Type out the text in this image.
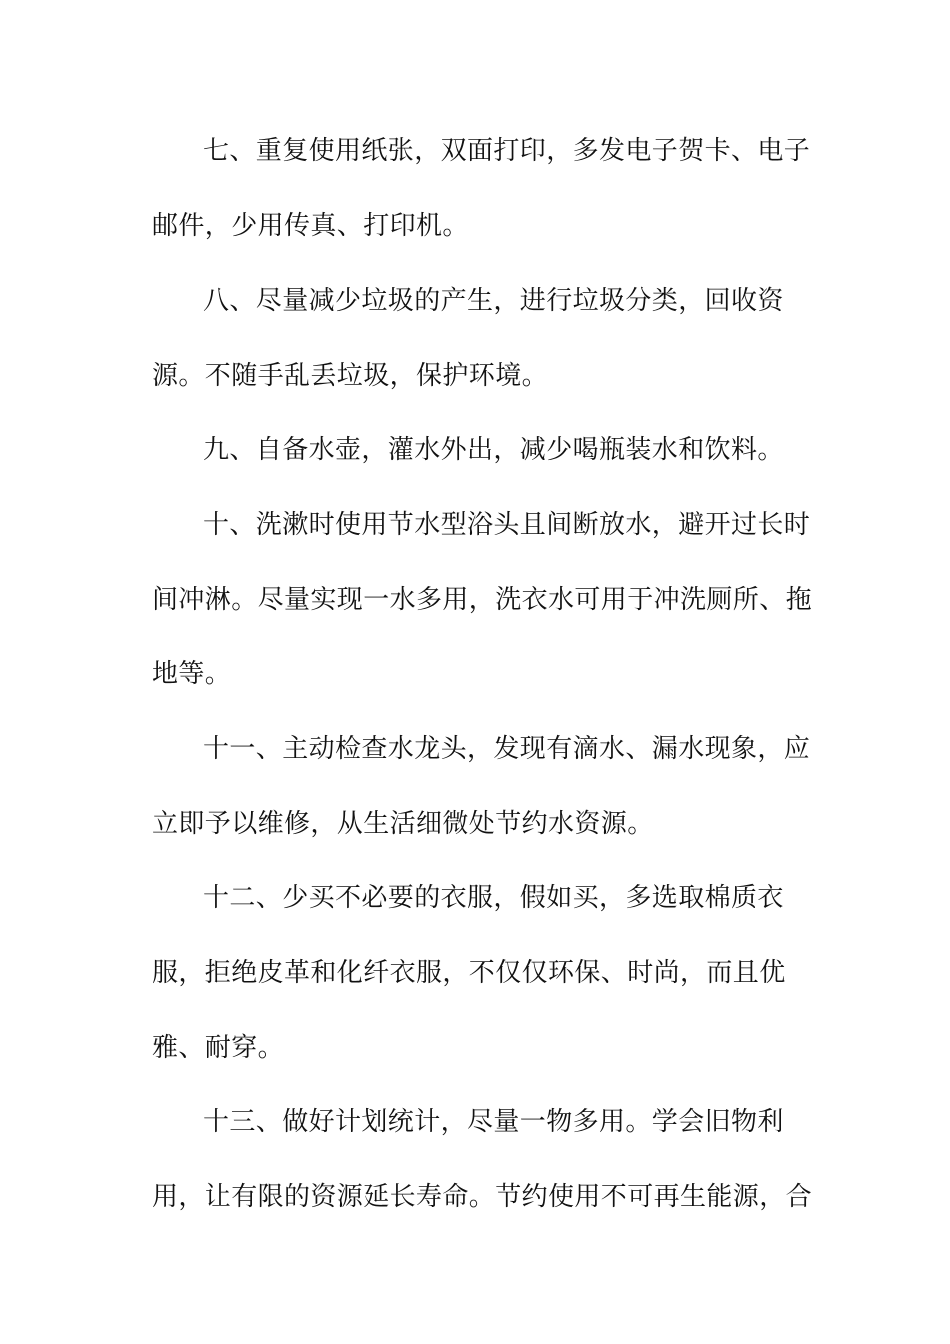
七、重复使用纸张，双面打印，多发电子贺卡、电子
邮件，少用传真、打印机。
八、尽量减少垃圾的产生，进行垃圾分类，回收资
源。不随手乱丢垃圾，保护环境。
九、自备水壶，灌水外出，减少喝瓶装水和饮料。
十、洗漱时使用节水型浴头且间断放水，避开过长时
间冲淋。尽量实现一水多用，洗衣水可用于冲洗厕所、拖
地等。
十一、主动检查水龙头，发现有滴水、漏水现象，应
立即予以维修，从生活细微处节约水资源。
十二、少买不必要的衣服，假如买，多选取棉质衣
服，拒绝皮革和化纤衣服，不仅仅环保、时尚，而且优
雅、耐穿。
十三、做好计划统计，尽量一物多用。学会旧物利
用，让有限的资源延长寿命。节约使用不可再生能源，合
